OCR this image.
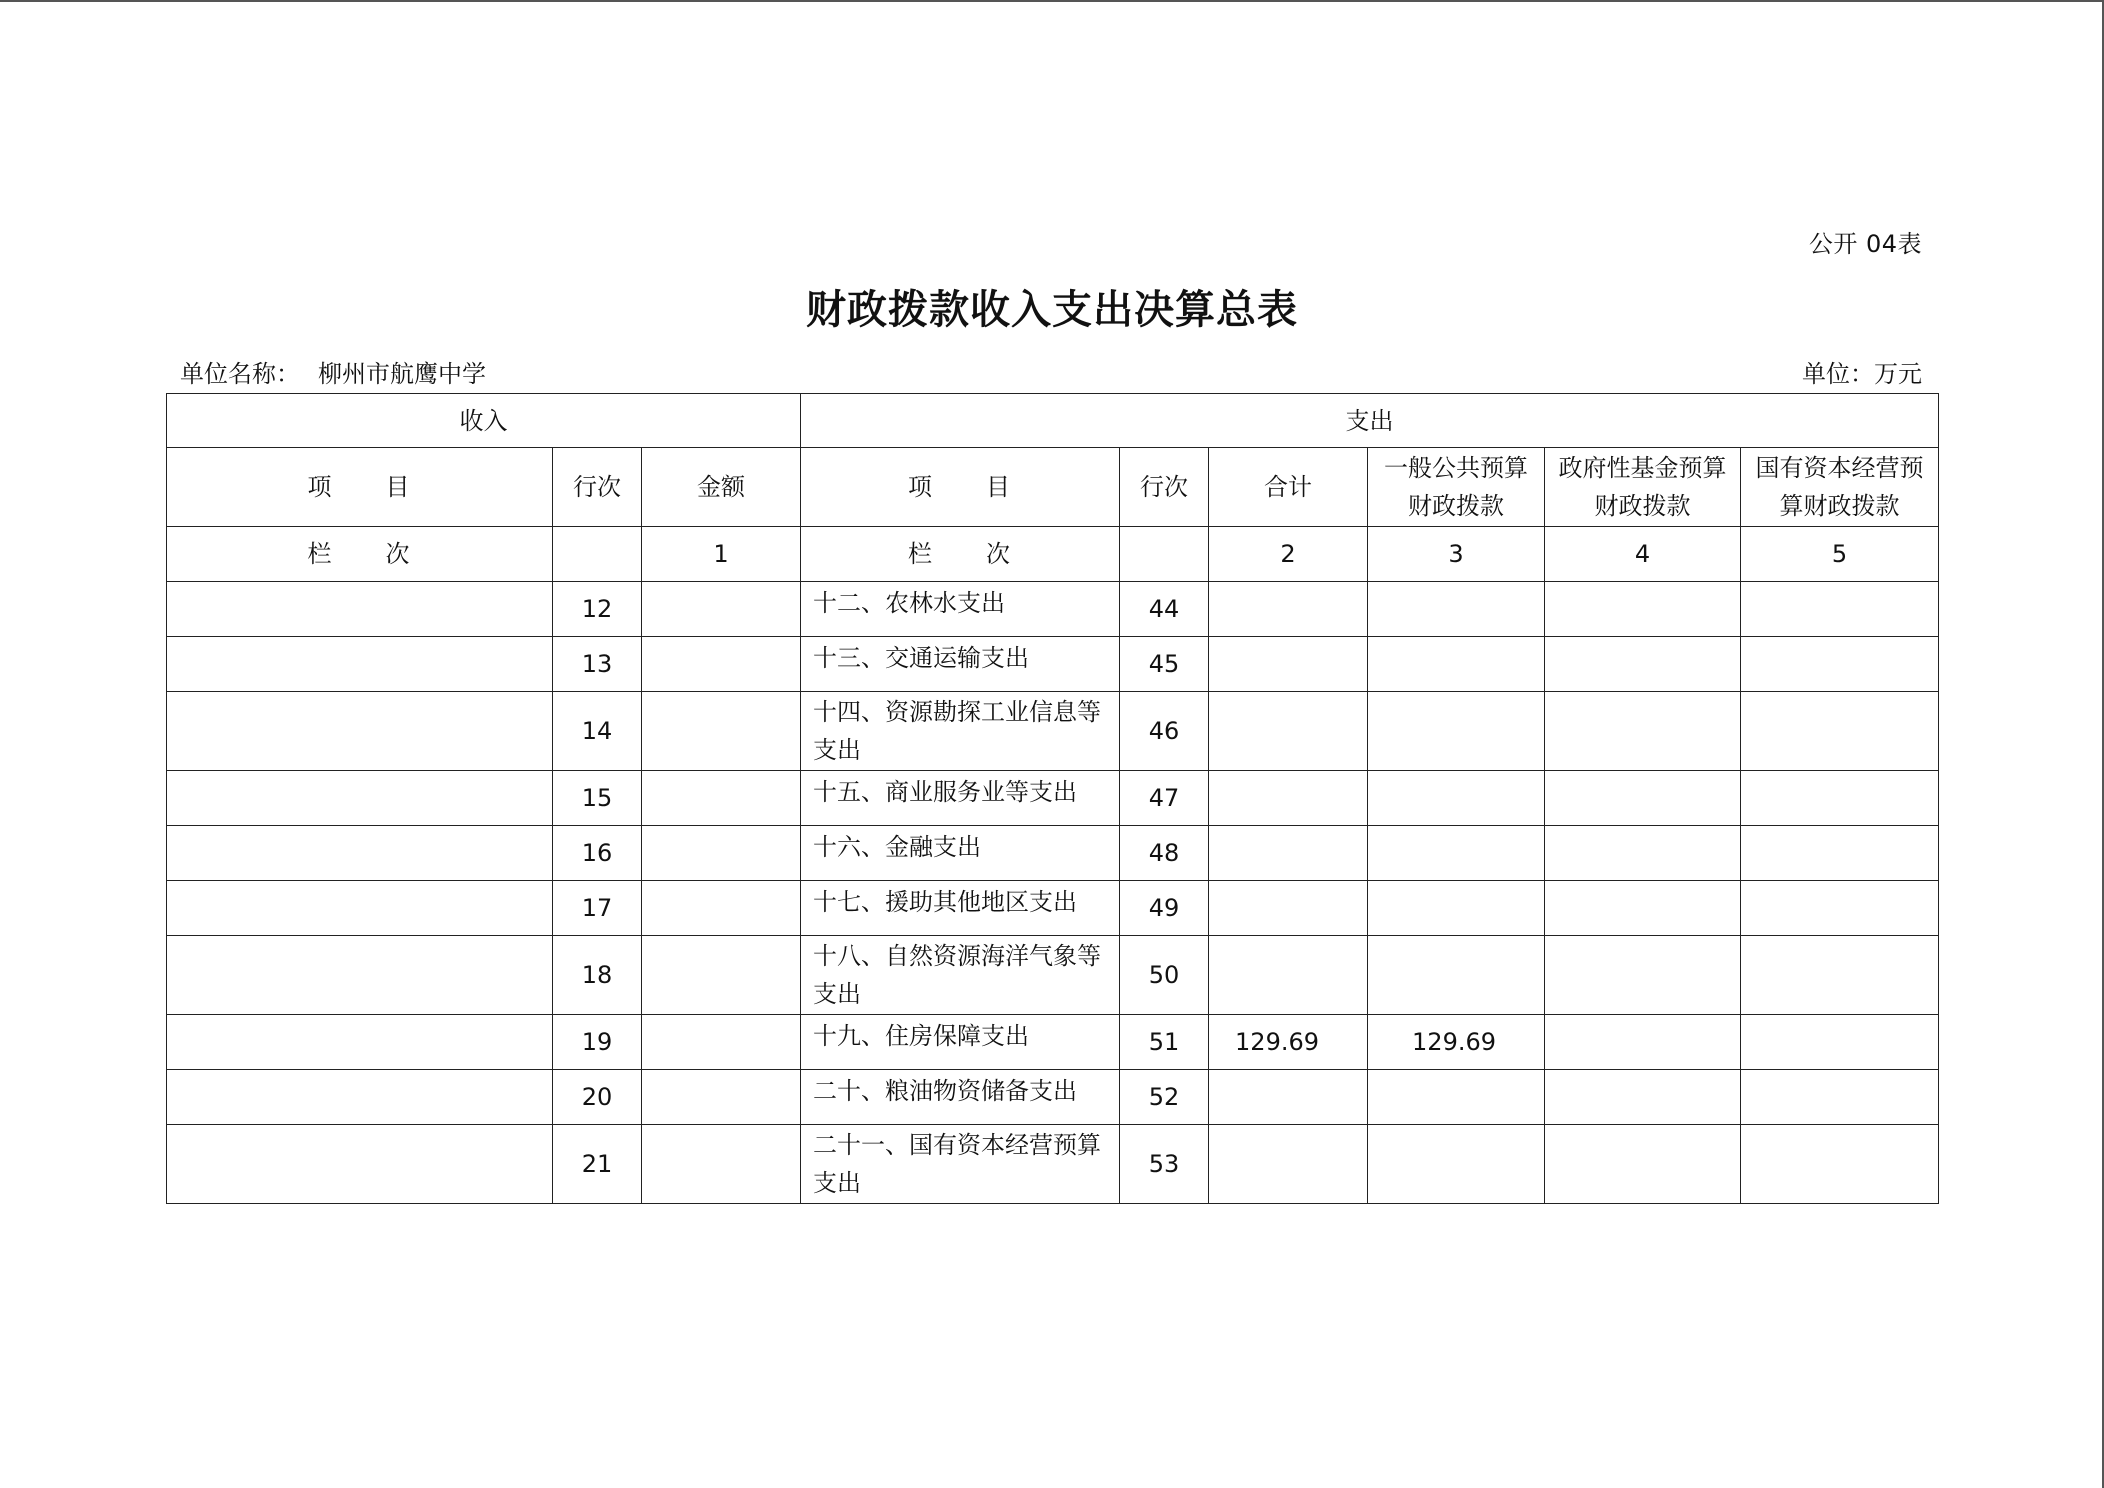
公开 04表
财政拨款收入支出决算总表
单位名称： 柳州市航鹰中学	单位：万元
收入			支出					
项　　目	行次	金额	项　　目	行次	合计	一般公共预算财政拨款	政府性基金预算财政拨款	国有资本经营预算财政拨款
栏　　次		1	栏　　次		2	3	4	5
	12		十二、农林水支出	44				
	13		十三、交通运输支出	45				
	14		十四、资源勘探工业信息等支出	46				
	15		十五、商业服务业等支出	47				
	16		十六、金融支出	48				
	17		十七、援助其他地区支出	49				
	18		十八、自然资源海洋气象等支出	50				
	19		十九、住房保障支出	51	129.69	129.69		
	20		二十、粮油物资储备支出	52				
	21		二十一、国有资本经营预算支出	53				
